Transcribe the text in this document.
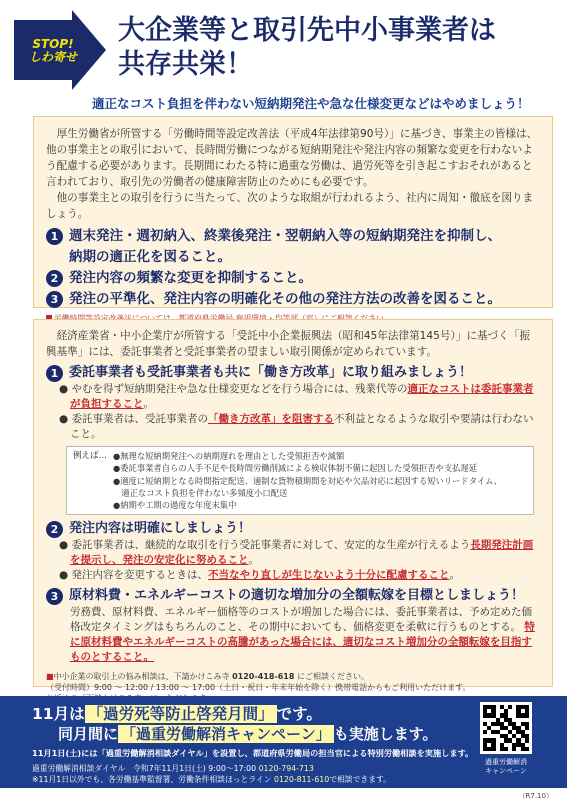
STOP!
しわ寄せ
大企業等と取引先中小事業者は
共存共栄！
適正なコスト負担を伴わない短納期発注や急な仕様変更などはやめましょう！

厚生労働省が所管する「労働時間等設定改善法（平成4年法律第90号）」に基づき、事業主の皆様は、他の事業主との取引において、長時間労働につながる短納期発注や発注内容の頻繁な変更を行わないよう配慮する必要があります。長期間にわたる特に過重な労働は、過労死等を引き起こすおそれがあると言われており、取引先の労働者の健康障害防止のためにも必要です。

他の事業主との取引を行うに当たって、次のような取組が行われるよう、社内に周知・徹底を図りましょう。

1 週末発注・週初納入、終業後発注・翌朝納入等の短納期発注を抑制し、
納期の適正化を図ること。
2 発注内容の頻繁な変更を抑制すること。
3 発注の平準化、発注内容の明確化その他の発注方法の改善を図ること。

経済産業省・中小企業庁が所管する「受託中小企業振興法（昭和45年法律第145号）」に基づく「振興基準」には、委託事業者と受託事業者の望ましい取引関係が定められています。

1 委託事業者も受託事業者も共に「働き方改革」に取り組みましょう！
● やむを得ず短納期発注や急な仕様変更などを行う場合には、残業代等の適正なコストは委託事業者が負担すること。
● 委託事業者は、受託事業者の「働き方改革」を阻害する不利益となるような取引や要請は行わないこと。
例えば… ●無理な短納期発注への納期遅れを理由とした受領拒否や減額
●委託事業者自らの人手不足や長時間労働削減による検収体制不備に起因した受領拒否や支払遅延
●適度に短納期となる時間指定配送、適制な貨物積期間を対応や欠品対応に起因する短いリードタイム、
　適正なコスト負担を伴わない多頻度小口配送
●納期や工期の過度な年度末集中
2 発注内容は明確にしましょう！
● 委託事業者は、継続的な取引を行う受託事業者に対して、安定的な生産が行えるよう長期発注計画を提示し、発注の安定化に努めること。
● 発注内容を変更するときは、不当なやり直しが生じないよう十分に配慮すること。
3 原材料費・エネルギーコストの適切な増加分の全額転嫁を目標としましょう！
労務費、原材料費、エネルギー価格等のコストが増加した場合には、委託事業者は、予め定めた価格改定タイミングはもちろんのこと、その期中においても、価格変更を柔軟に行うものとする。 特に原材料費やエネルギーコストの高騰があった場合には、適切なコスト増加分の全額転嫁を目指すものとすること。
■中小企業の取引上の悩み相談は、下請かけこみ寺 0120-418-618 にご相談ください。
（受付時間）9:00 ～ 12:00 / 13:00 ～ 17:00（土日・祝日・年末年始を除く）携帯電話からもご利用いただけます。
11月は 「過労死等防止啓発月間」 です。
同月間に 「過重労働解消キャンペーン」 も実施します。
11月1日(土)には「過重労働解消相談ダイヤル」を設置し、都道府県労働局の担当官による特別労働相談を実施します。
過重労働解消相談ダイヤル　令和7年11月1日(土) 9:00～17:00 0120-794-713
※11月1日以外でも、各労働基準監督署、労働条件相談ほっとライン 0120-811-610で相談できます。
過重労働解消
キャンペーン
（R7.10）
